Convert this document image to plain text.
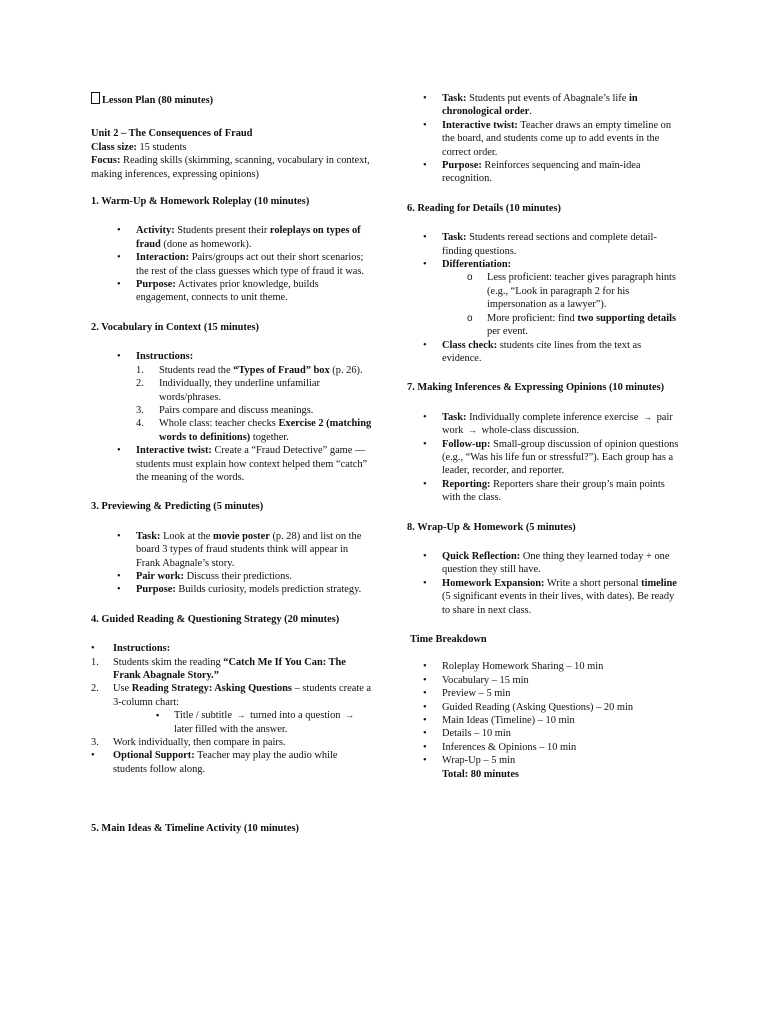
Lesson Plan (80 minutes)

Unit 2 – The Consequences of Fraud

Class size: 15 students

Focus: Reading skills (skimming, scanning, vocabulary in context, making inferences, expressing opinions)

1. Warm-Up & Homework Roleplay (10 minutes)

• Activity: Students present their roleplays on types of fraud (done as homework).
• Interaction: Pairs/groups act out their short scenarios; the rest of the class guesses which type of fraud it was.
• Purpose: Activates prior knowledge, builds engagement, connects to unit theme.

2. Vocabulary in Context (15 minutes)

• Instructions:
1. Students read the “Types of Fraud” box (p. 26).
2. Individually, they underline unfamiliar words/phrases.
3. Pairs compare and discuss meanings.
4. Whole class: teacher checks Exercise 2 (matching words to definitions) together.
• Interactive twist: Create a “Fraud Detective” game — students must explain how context helped them “catch” the meaning of the words.

3. Previewing & Predicting (5 minutes)

• Task: Look at the movie poster (p. 28) and list on the board 3 types of fraud students think will appear in Frank Abagnale’s story.
• Pair work: Discuss their predictions.
• Purpose: Builds curiosity, models prediction strategy.

4. Guided Reading & Questioning Strategy (20 minutes)

• Instructions:
1. Students skim the reading “Catch Me If You Can: The Frank Abagnale Story.”
2. Use Reading Strategy: Asking Questions – students create a 3-column chart:
▪ Title / subtitle → turned into a question → later filled with the answer.
3. Work individually, then compare in pairs.
• Optional Support: Teacher may play the audio while students follow along.

5. Main Ideas & Timeline Activity (10 minutes)

• Task: Students put events of Abagnale’s life in chronological order.
• Interactive twist: Teacher draws an empty timeline on the board, and students come up to add events in the correct order.
• Purpose: Reinforces sequencing and main-idea recognition.

6. Reading for Details (10 minutes)

• Task: Students reread sections and complete detail-finding questions.
• Differentiation:
o Less proficient: teacher gives paragraph hints (e.g., “Look in paragraph 2 for his impersonation as a lawyer”).
o More proficient: find two supporting details per event.
• Class check: students cite lines from the text as evidence.

7. Making Inferences & Expressing Opinions (10 minutes)

• Task: Individually complete inference exercise → pair work → whole-class discussion.
• Follow-up: Small-group discussion of opinion questions (e.g., “Was his life fun or stressful?”). Each group has a leader, recorder, and reporter.
• Reporting: Reporters share their group’s main points with the class.

8. Wrap-Up & Homework (5 minutes)

• Quick Reflection: One thing they learned today + one question they still have.
• Homework Expansion: Write a short personal timeline (5 significant events in their lives, with dates). Be ready to share in next class.

Time Breakdown

• Roleplay Homework Sharing – 10 min
• Vocabulary – 15 min
• Preview – 5 min
• Guided Reading (Asking Questions) – 20 min
• Main Ideas (Timeline) – 10 min
• Details – 10 min
• Inferences & Opinions – 10 min
• Wrap-Up – 5 min

Total: 80 minutes
